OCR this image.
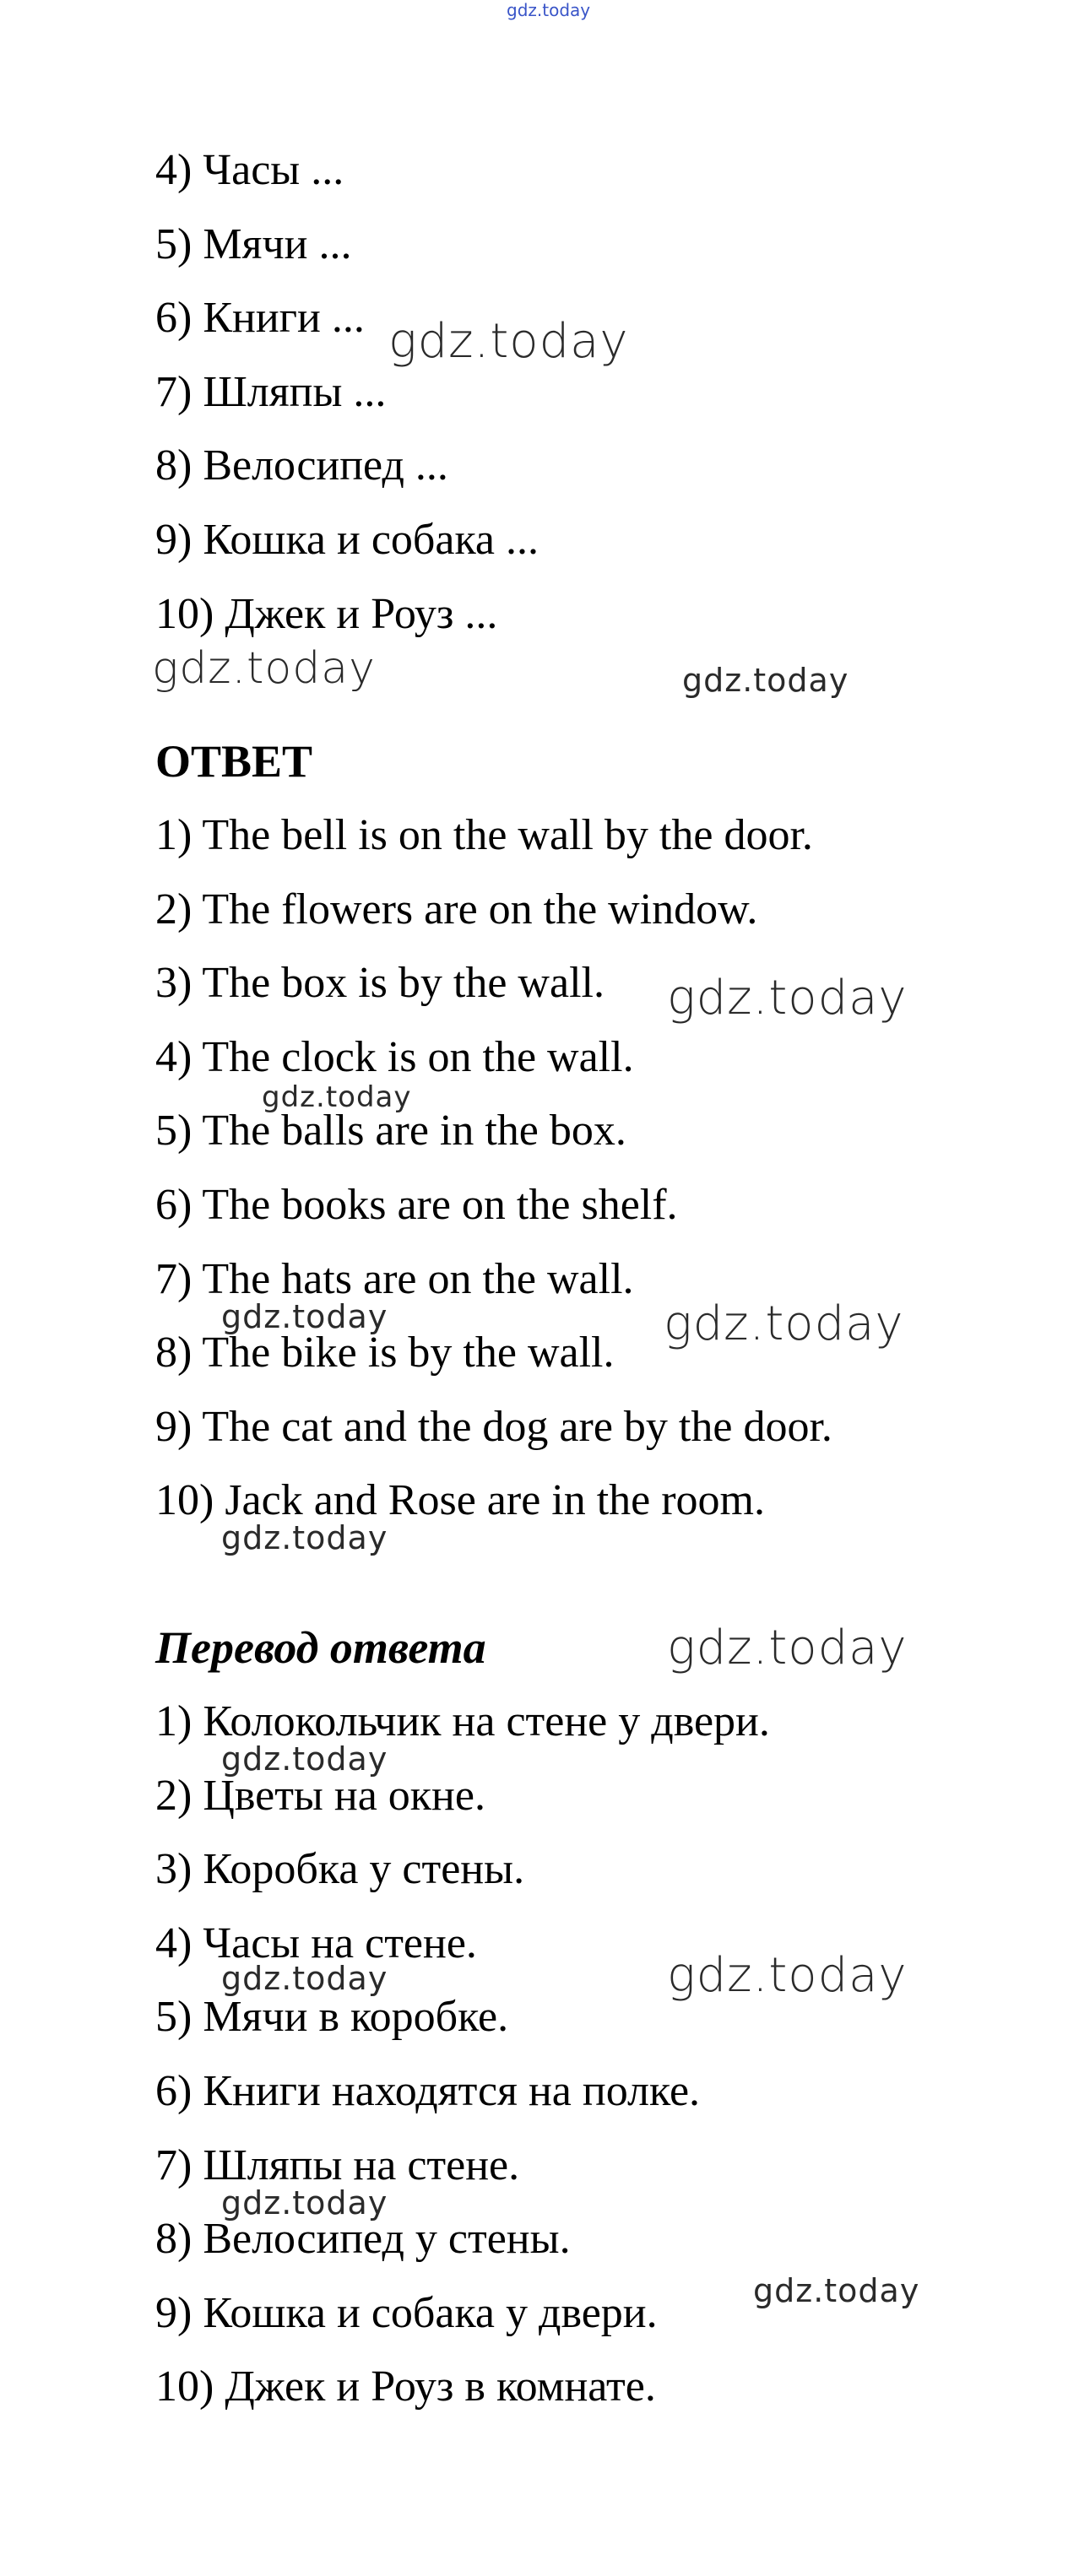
gdz.today
4) Часы ...
5) Мячи ...
6) Книги ...
7) Шляпы ...
8) Велосипед ...
9) Кошка и собака ...
10) Джек и Роуз ...
ОТВЕТ
1) The bell is on the wall by the door.
2) The flowers are on the window.
3) The box is by the wall.
4) The clock is on the wall.
5) The balls are in the box.
6) The books are on the shelf.
7) The hats are on the wall.
8) The bike is by the wall.
9) The cat and the dog are by the door.
10) Jack and Rose are in the room.
Перевод ответа
1) Колокольчик на стене у двери.
2) Цветы на окне.
3) Коробка у стены.
4) Часы на стене.
5) Мячи в коробке.
6) Книги находятся на полке.
7) Шляпы на стене.
8) Велосипед у стены.
9) Кошка и собака у двери.
10) Джек и Роуз в комнате.
gdz.today
gdz.today	gdz.today
gdz.today
gdz.today
gdz.today	gdz.today
gdz.today
gdz.today
gdz.today
gdz.today	gdz.today
gdz.today
gdz.today
